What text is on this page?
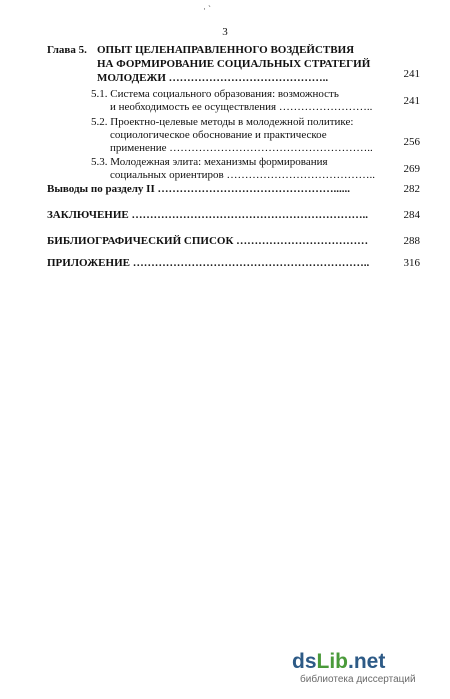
·`
3
Глава 5. ОПЫТ ЦЕЛЕНАПРАВЛЕННОГО ВОЗДЕЙСТВИЯ
НА ФОРМИРОВАНИЕ СОЦИАЛЬНЫХ СТРАТЕГИЙ
МОЛОДЕЖИ ……………………………………..	241
5.1. Система социального образования: возможность
и необходимость ее осуществления ……………………..	241
5.2. Проектно-целевые методы в молодежной политике:
социологическое обоснование и практическое
применение ………………………………………………..	256
5.3. Молодежная элита: механизмы формирования
социальных ориентиров …………………………………..	269
Выводы по разделу II …………………………………………......	282
ЗАКЛЮЧЕНИЕ ………………………………………………………..	284
БИБЛИОГРАФИЧЕСКИЙ СПИСОК ………………………………	288
ПРИЛОЖЕНИЕ ………………………………………………………..	316
dsLib.net
библиотека диссертаций
